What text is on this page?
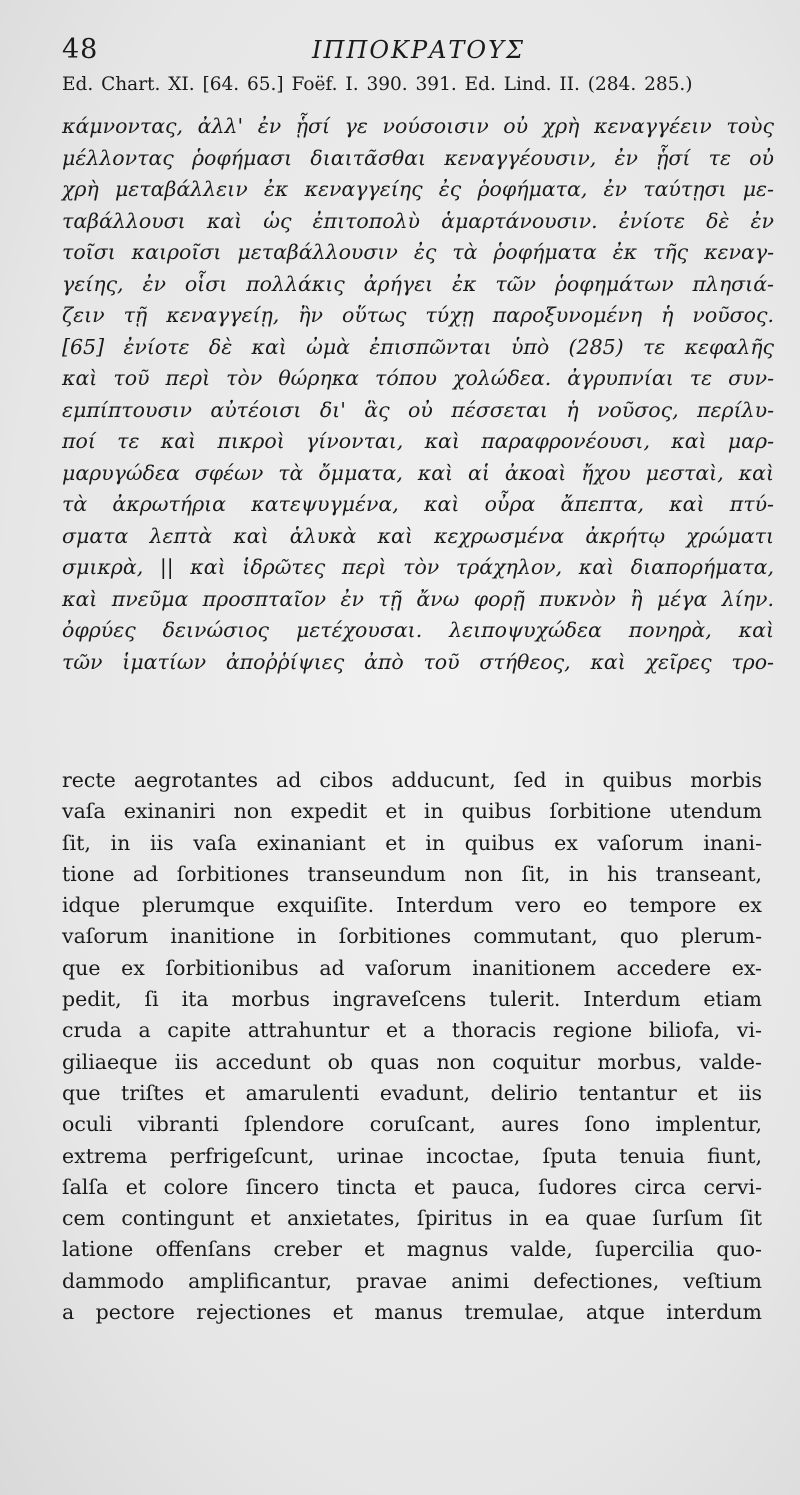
48	ΙΠΠΟΚΡΑΤΟΥΣ
Ed. Chart. XI. [64. 65.] Foëf. I. 390. 391. Ed. Lind. II. (284. 285.)
κάμνοντας, ἀλλ' ἐν ᾗσί γε νούσοισιν οὐ χρὴ κεναγγέειν τοὺς
μέλλοντας ῥοφήμασι διαιτᾶσθαι κεναγγέουσιν, ἐν ᾗσί τε οὐ
χρὴ μεταβάλλειν ἐκ κεναγγείης ἐς ῥοφήματα, ἐν ταύτῃσι με-
ταβάλλουσι καὶ ὡς ἐπιτοπολὺ ἁμαρτάνουσιν. ἐνίοτε δὲ ἐν
τοῖσι καιροῖσι μεταβάλλουσιν ἐς τὰ ῥοφήματα ἐκ τῆς κεναγ-
γείης, ἐν οἷσι πολλάκις ἀρήγει ἐκ τῶν ῥοφημάτων πλησιά-
ζειν τῇ κεναγγείῃ, ἢν οὕτως τύχῃ παροξυνομένη ἡ νοῦσος.
[65] ἐνίοτε δὲ καὶ ὠμὰ ἐπισπῶνται ὑπὸ (285) τε κεφαλῆς
καὶ τοῦ περὶ τὸν θώρηκα τόπου χολώδεα. ἀγρυπνίαι τε συν-
εμπίπτουσιν αὐτέοισι δι' ἃς οὐ πέσσεται ἡ νοῦσος, περίλυ-
ποί τε καὶ πικροὶ γίνονται, καὶ παραφρονέουσι, καὶ μαρ-
μαρυγώδεα σφέων τὰ ὄμματα, καὶ αἱ ἀκοαὶ ἤχου μεσταὶ, καὶ
τὰ ἀκρωτήρια κατεψυγμένα, καὶ οὖρα ἄπεπτα, καὶ πτύ-
σματα λεπτὰ καὶ ἁλυκὰ καὶ κεχρωσμένα ἀκρήτῳ χρώματι
σμικρὰ, || καὶ ἱδρῶτες περὶ τὸν τράχηλον, καὶ διαπορήματα,
καὶ πνεῦμα προσπταῖον ἐν τῇ ἄνω φορῇ πυκνὸν ἢ μέγα λίην.
ὀφρύες δεινώσιος μετέχουσαι. λειποψυχώδεα πονηρὰ, καὶ
τῶν ἱματίων ἀποῤῥίψιες ἀπὸ τοῦ στήθεος, καὶ χεῖρες τρο-
recte aegrotantes ad cibos adducunt, ſed in quibus morbis
vaſa exinaniri non expedit et in quibus ſorbitione utendum
ſit, in iis vaſa exinaniant et in quibus ex vaſorum inani-
tione ad ſorbitiones transeundum non ſit, in his transeant,
idque plerumque exquiſite. Interdum vero eo tempore ex
vaſorum inanitione in ſorbitiones commutant, quo plerum-
que ex ſorbitionibus ad vaſorum inanitionem accedere ex-
pedit, ſi ita morbus ingraveſcens tulerit. Interdum etiam
cruda a capite attrahuntur et a thoracis regione biliofa, vi-
giliaeque iis accedunt ob quas non coquitur morbus, valde-
que triſtes et amarulenti evadunt, delirio tentantur et iis
oculi vibranti ſplendore coruſcant, aures ſono implentur,
extrema perfrigeſcunt, urinae incoctae, ſputa tenuia fiunt,
ſalſa et colore ſincero tincta et pauca, ſudores circa cervi-
cem contingunt et anxietates, ſpiritus in ea quae ſurſum ſit
latione offenſans creber et magnus valde, ſupercilia quo-
dammodo amplificantur, pravae animi defectiones, veſtium
a pectore rejectiones et manus tremulae, atque interdum
